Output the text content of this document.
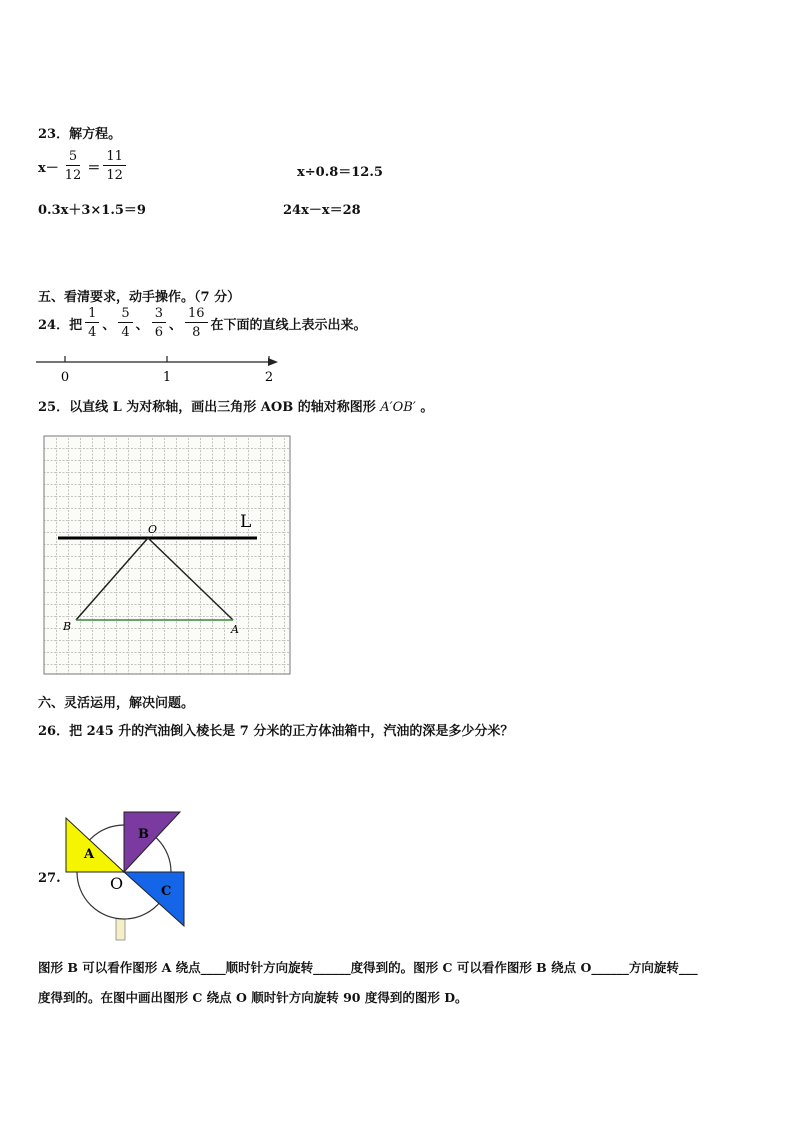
23．解方程。
$x- \frac{5}{12} = \frac{11}{12}$	x÷0.8＝12.5
0.3x＋3×1.5＝9	24x－x＝28
五、看清要求，动手操作。（7 分）
24．把 $\frac{1}{4}$ 、 $\frac{5}{4}$ 、 $\frac{3}{6}$ 、 $\frac{16}{8}$ 在下面的直线上表示出来。
0	1	2
25．以直线 L 为对称轴，画出三角形 AOB 的轴对称图形 A′OB′ 。
L
O
B	A
六、灵活运用，解决问题。
26．把 245 升的汽油倒入棱长是 7 分米的正方体油箱中，汽油的深是多少分米？
27.
A
B
C
O
图形 B 可以看作图形 A 绕点____顺时针方向旋转______度得到的。图形 C 可以看作图形 B 绕点 O______方向旋转___
度得到的。在图中画出图形 C 绕点 O 顺时针方向旋转 90 度得到的图形 D。
